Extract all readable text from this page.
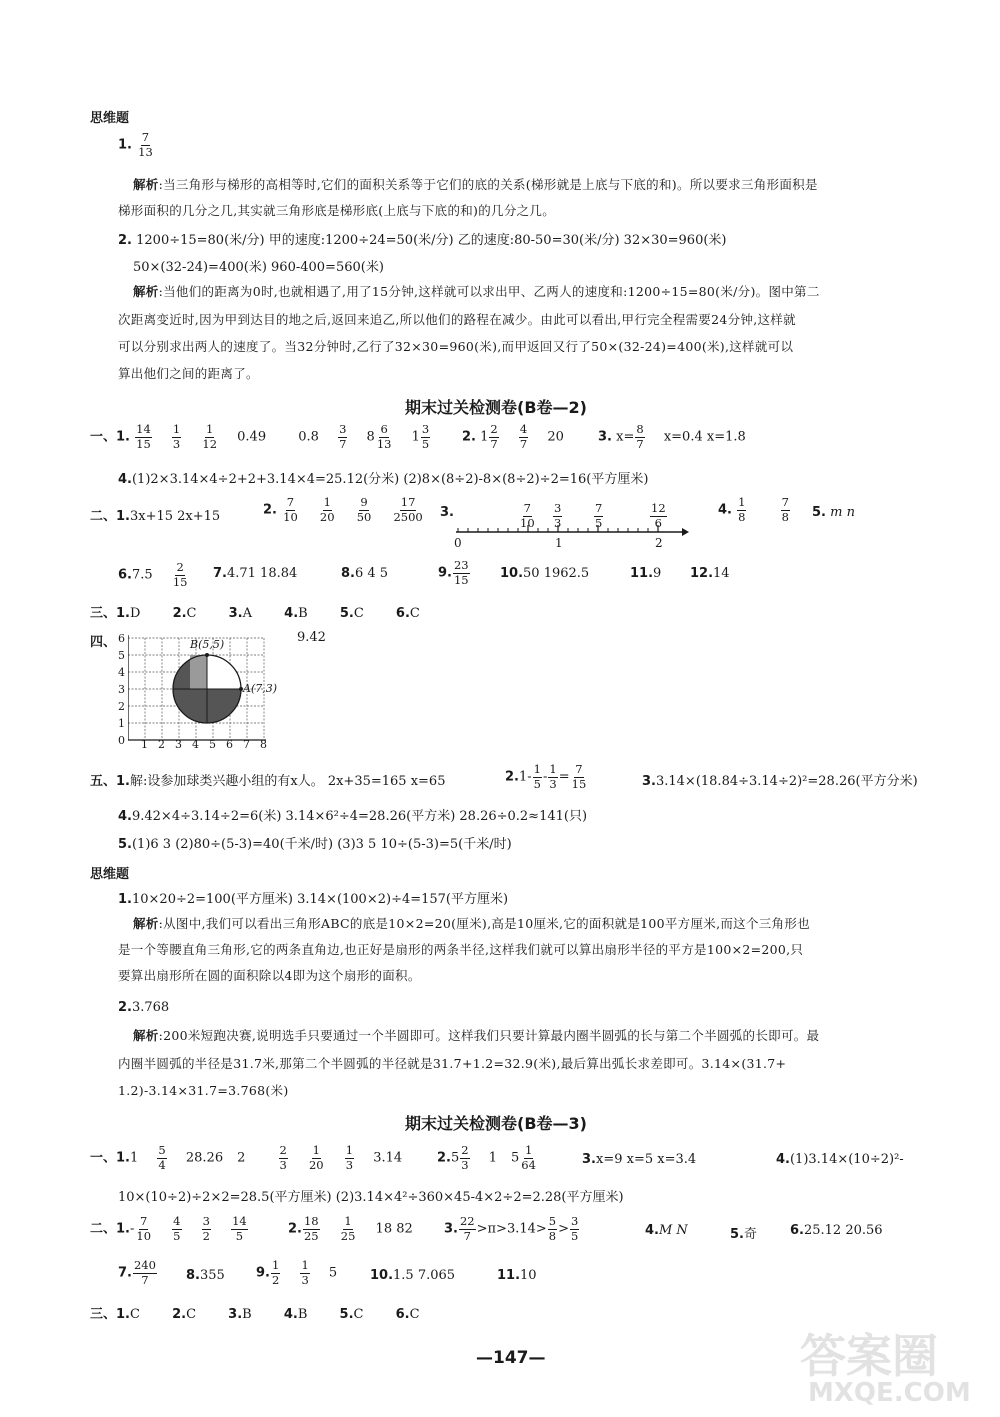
思维题
1. $\frac{7}{13}$
解析:当三角形与梯形的高相等时,它们的面积关系等于它们的底的关系(梯形就是上底与下底的和)。所以要求三角形面积是
梯形面积的几分之几,其实就三角形底是梯形底(上底与下底的和)的几分之几。
2. 1200÷15=80(米/分) 甲的速度:1200÷24=50(米/分) 乙的速度:80-50=30(米/分) 32×30=960(米)
50×(32-24)=400(米) 960-400=560(米)
解析:当他们的距离为0时,也就相遇了,用了15分钟,这样就可以求出甲、乙两人的速度和:1200÷15=80(米/分)。图中第二
次距离变近时,因为甲到达目的地之后,返回来追乙,所以他们的路程在减少。由此可以看出,甲行完全程需要24分钟,这样就
可以分别求出两人的速度了。当32分钟时,乙行了32×30=960(米),而甲返回又行了50×(32-24)=400(米),这样就可以
算出他们之间的距离了。
期末过关检测卷(B卷—2)
一、1. $\frac{14}{15}$
$\frac{1}{3}$
$\frac{1}{12} 0.49$ $0.8 \frac{3}{7} 8 \frac{6}{13} 1 \frac{3}{5} 2$. $1 \frac{2}{7}$
$\frac{4}{7} 20$	3. $x= \frac{8}{7} x=0.4$ x=1.8
4.(1)2×3.14×4÷2+2+3.14×4=25.12(分米) (2)8×(8÷2)-8×(8÷2)÷2=16(平方厘米)
二、1.3x+15 2x+15	2. $\frac{7}{10}$
$\frac{1}{20}$
$\frac{9}{50}$
$\frac{17}{2500} 3$.	$\frac{7}{10} \frac{3}{3}$	$\frac{7}{5}$	$\frac{12}{6}$
0	1	2
4. $\frac{1}{8}$
	$\frac{7}{8} 5$. m n
$6.7.5 \frac{2}{15} 7.4.71$ 18.84	8.6 4 5	9. $\frac{23}{15} 10.50$ 1962.5	11.9 12.14
三、1.D 2.C 3.A 4.B 5.C 6.C
四、 6
5
4
3
2
1
0 1 2 3 4 5 6 7 8
B(5,5)
A(7,3)
9.42
五、1.解:设参加球类兴趣小组的有x人。 2x+35=165 x=65	$2.1- \frac{1}{5} - \frac{1}{3} = \frac{7}{15}$	3.3.14×(18.84÷3.14÷2)²=28.26(平方分米)
4.9.42×4÷3.14÷2=6(米) 3.14×6²÷4=28.26(平方米) 28.26÷0.2≈141(只)
5.(1)6 3 (2)80÷(5-3)=40(千米/时) (3)3 5 10÷(5-3)=5(千米/时)
思维题
1.10×20÷2=100(平方厘米) 3.14×(100×2)÷4=157(平方厘米)
解析:从图中,我们可以看出三角形ABC的底是10×2=20(厘米),高是10厘米,它的面积就是100平方厘米,而这个三角形也
是一个等腰直角三角形,它的两条直角边,也正好是扇形的两条半径,这样我们就可以算出扇形半径的平方是100×2=200,只
要算出扇形所在圆的面积除以4即为这个扇形的面积。
2.3.768
解析:200米短跑决赛,说明选手只要通过一个半圆即可。这样我们只要计算最内圈半圆弧的长与第二个半圆弧的长即可。最
内圈半圆弧的半径是31.7米,那第二个半圆弧的半径就是31.7+1.2=32.9(米),最后算出弧长求差即可。3.14×(31.7+
1.2)-3.14×31.7=3.768(米)
期末过关检测卷(B卷—3)
一、$1.1 \frac{5}{4} 28.26$ 2	$\frac{2}{3}$
$\frac{1}{20}$
$\frac{1}{3} 3.14$	$2.5 \frac{2}{3} 1$ $5 \frac{1}{64}$	3.x=9 x=5 x=3.4	4.(1)3.14×(10÷2)²-
10×(10÷2)÷2×2=28.5(平方厘米) (2)3.14×4²÷360×45-4×2÷2=2.28(平方厘米)
二、$1.- \frac{7}{10}$
$\frac{4}{5}$
$\frac{3}{2}$
$\frac{14}{5}$	2. $\frac{18}{25}$
$\frac{1}{25} 18$ 82 3. $\frac{22}{7} >\pi>3.14> \frac{5}{8} > \frac{3}{5}$	4.M N	5.奇	6.25.12 20.56
7. $\frac{240}{7} 8.355$ 9. $\frac{1}{2}$
$\frac{1}{3} 5$	10.1.5 7.065	11.10
三、1.C 2.C 3.B 4.B 5.C 6.C
—147—	答案圈
MXQE.COM
